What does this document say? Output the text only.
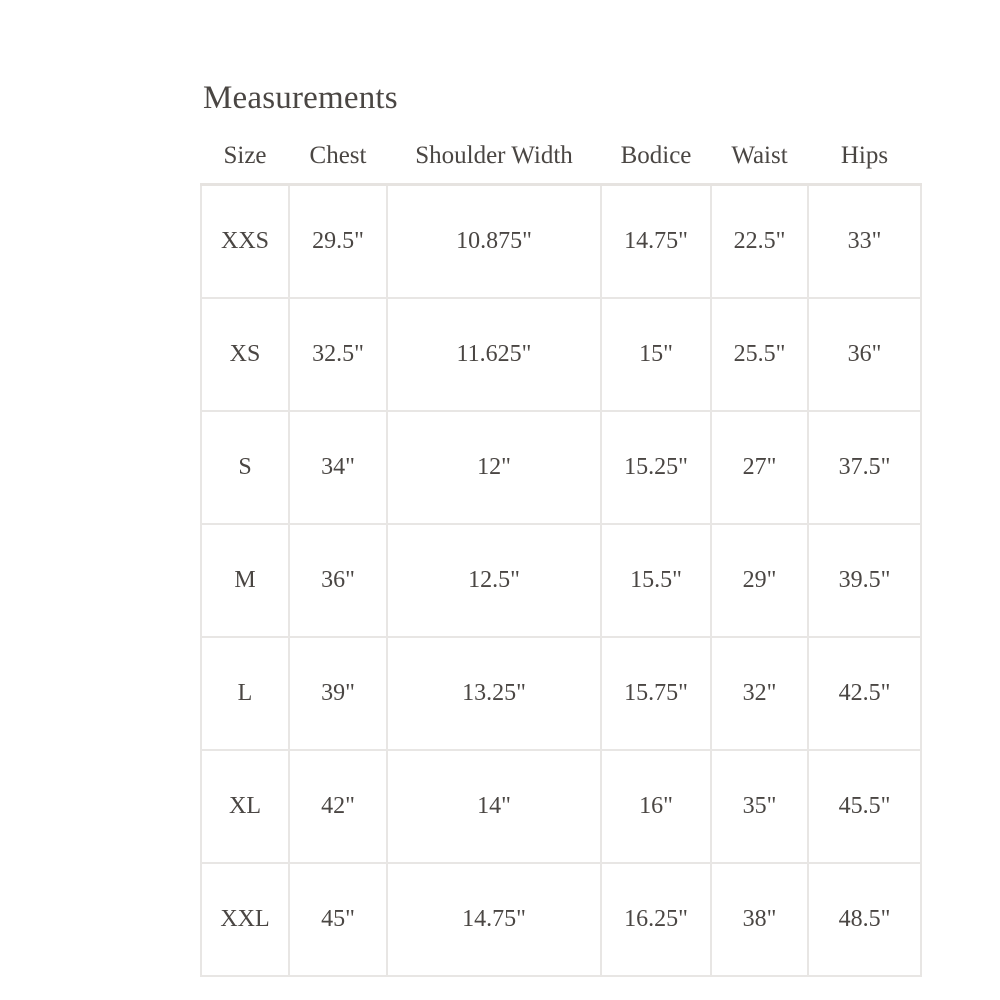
Measurements
Size	Chest	Shoulder Width	Bodice	Waist	Hips
XXS	29.5"	10.875"	14.75"	22.5"	33"
XS	32.5"	11.625"	15"	25.5"	36"
S	34"	12"	15.25"	27"	37.5"
M	36"	12.5"	15.5"	29"	39.5"
L	39"	13.25"	15.75"	32"	42.5"
XL	42"	14"	16"	35"	45.5"
XXL	45"	14.75"	16.25"	38"	48.5"
